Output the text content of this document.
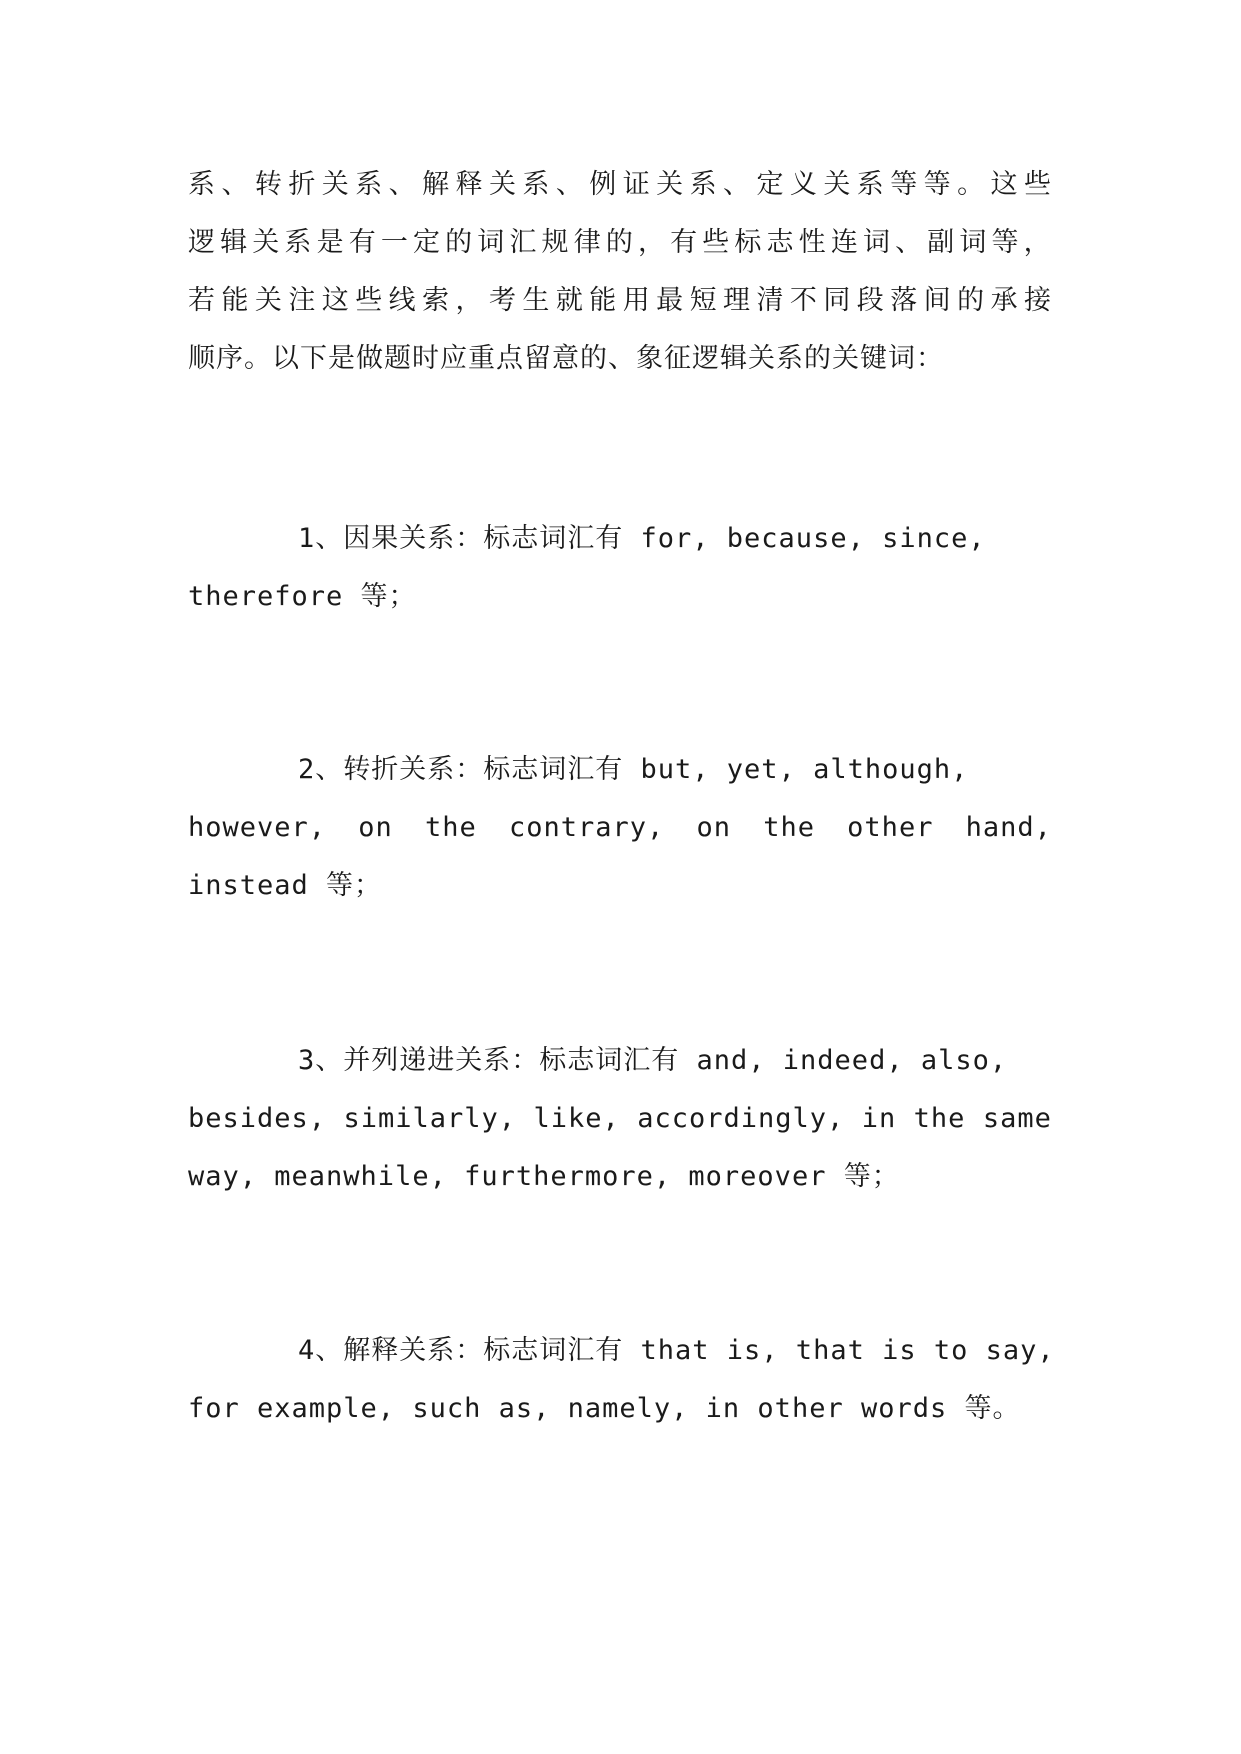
系 、 转 折 关 系 、 解 释 关 系 、 例 证 关 系 、 定 义 关 系 等 等 。 这 些
逻 辑 关 系 是 有 一 定 的 词 汇 规 律 的 ， 有 些 标 志 性 连 词 、 副 词 等 ，
若 能 关 注 这 些 线 索 ， 考 生 就 能 用 最 短 理 清 不 同 段 落 间 的 承 接
顺序。以下是做题时应重点留意的、象征逻辑关系的关键词：
1、因果关系：标志词汇有 for, because, since,
therefore 等；
2、转折关系：标志词汇有 but, yet, although,
however, on the contrary, on the other hand,
instead 等；
3、并列递进关系：标志词汇有 and, indeed, also,
besides, similarly, like, accordingly, in the same
way, meanwhile, furthermore, moreover 等；
4、解释关系：标志词汇有 that is, that is to say,
for example, such as, namely, in other words 等。
